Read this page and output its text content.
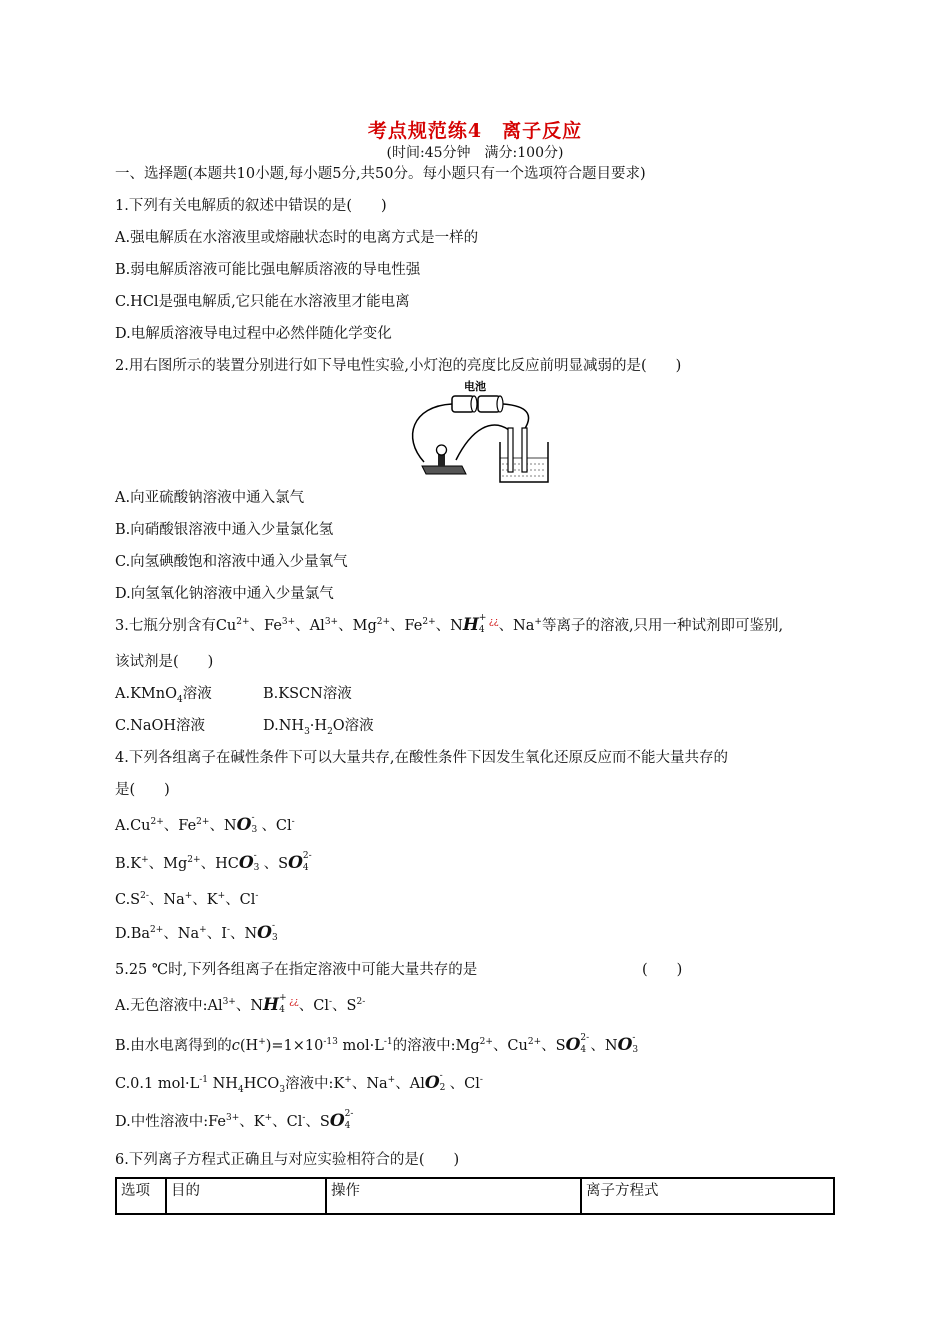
考点规范练4　离子反应
(时间:45分钟　满分:100分)
一、选择题(本题共10小题,每小题5分,共50分。每小题只有一个选项符合题目要求)
1.下列有关电解质的叙述中错误的是(　　)
A.强电解质在水溶液里或熔融状态时的电离方式是一样的
B.弱电解质溶液可能比强电解质溶液的导电性强
C.HCl是强电解质,它只能在水溶液里才能电离
D.电解质溶液导电过程中必然伴随化学变化
2.用右图所示的装置分别进行如下导电性实验,小灯泡的亮度比反应前明显减弱的是(　　)
电池
A.向亚硫酸钠溶液中通入氯气
B.向硝酸银溶液中通入少量氯化氢
C.向氢碘酸饱和溶液中通入少量氧气
D.向氢氧化钠溶液中通入少量氯气
3.七瓶分别含有$Cu^{2+}$、$Fe^{3+}$、$Al^{3+}$、$Mg^{2+}$、$Fe^{2+}$、NH +
4
¿¿、Na+等离子的溶液,只用一种试剂即可鉴别,
该试剂是(　　)
A.KMnO$_4$溶液	B.KSCN溶液
C.NaOH溶液	$D.NH_3\cdot H_2O$溶液
4.下列各组离子在碱性条件下可以大量共存,在酸性条件下因发生氧化还原反应而不能大量共存的
是(　　)
$A.Cu^{2+}$、$Fe^{2+}$、NO -
3 、Cl-
B.K+、$Mg^{2+}$、HCO -
3 、SO 2-
4
$C.S^{2-}$、Na+、K+、Cl-
$D.Ba^{2+}$、Na+、I-、NO -
3
5.25 ℃时,下列各组离子在指定溶液中可能大量共存的是	(　　)
A.无色溶液中$:Al^{3+}$、NH +
4
¿¿、Cl-、$S^{2-}$
B.由水电离得到的$c(H^+)=1\times 10^{-13}$ $mol\cdot L^{-1}$的溶液中$:Mg^{2+}$、$Cu^{2+}$、SO 2-
4 、NO -
3
C.0.1 $mol\cdot L^{-1}$ $NH_4HCO_3$溶液中:K+、Na+、AlO -
2 、Cl-
D.中性溶液中$:Fe^{3+}$、K+、Cl-、SO 2-
4
6.下列离子方程式正确且与对应实验相符合的是(　　)
选项	目的	操作	离子方程式
